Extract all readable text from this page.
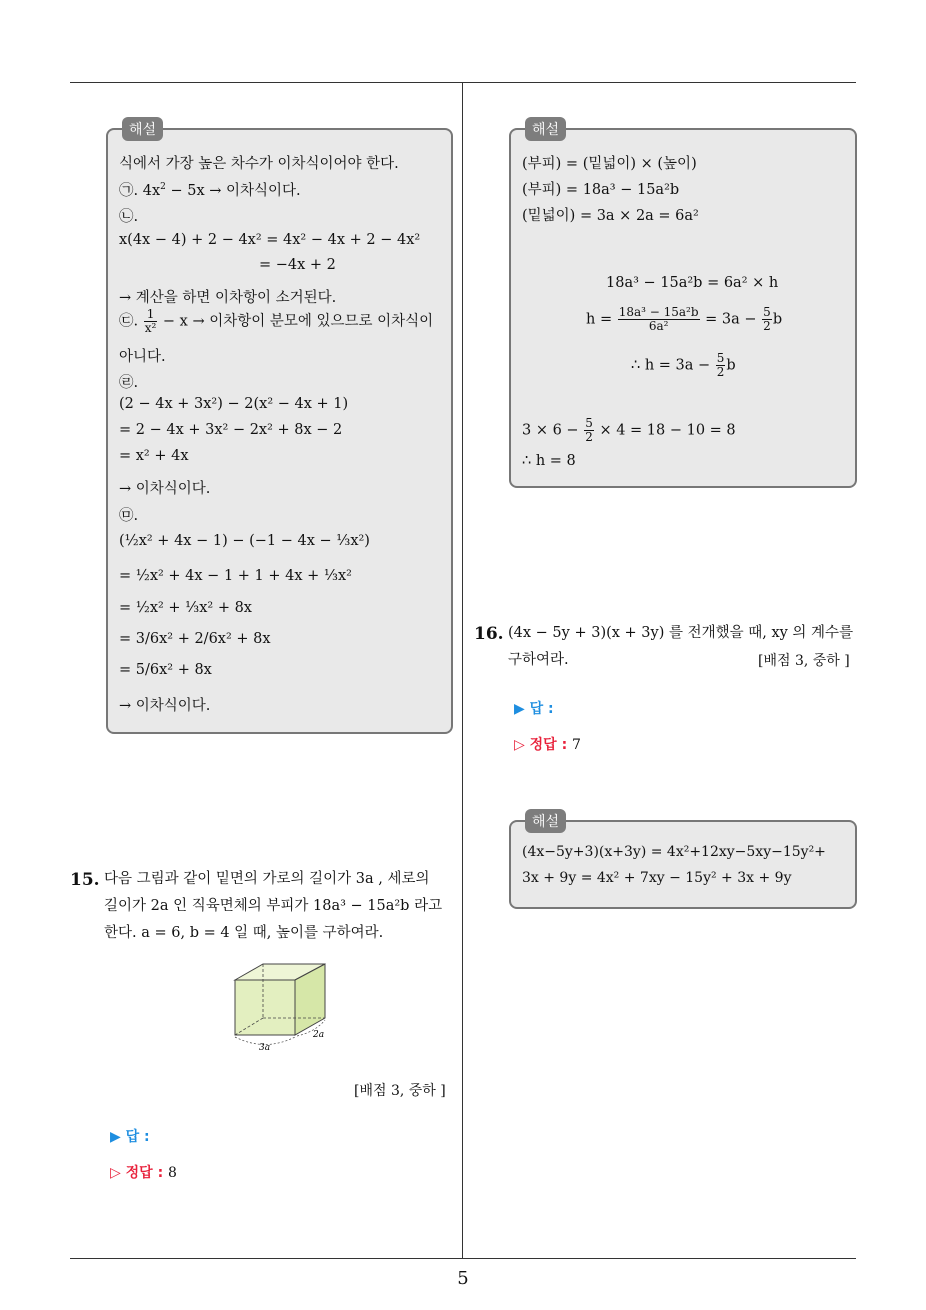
해설
식에서 가장 높은 차수가 이차식이어야 한다.
㉠. $4x^2 - 5x$ → 이차식이다.
㉡.
x(4x − 4) + 2 − 4x² = 4x² − 4x + 2 − 4x²
= −4x + 2
→ 계산을 하면 이차항이 소거된다.
㉢. $\frac{1}{\text{x²}} - x$ → 이차항이 분모에 있으므로 이차식이
아니다.
㉣.
(2 − 4x + 3x²) − 2(x² − 4x + 1)
= 2 − 4x + 3x² − 2x² + 8x − 2
= x² + 4x
→ 이차식이다.
㉤.
(½x² + 4x − 1) − (−1 − 4x − ⅓x²)
= ½x² + 4x − 1 + 1 + 4x + ⅓x²
= ½x² + ⅓x² + 8x
= 3/6x² + 2/6x² + 8x
= 5/6x² + 8x
→ 이차식이다.
15. 다음 그림과 같이 밑면의 가로의 길이가 3a , 세로의
길이가 2a 인 직육면체의 부피가 18a³ − 15a²b 라고
한다. a = 6, b = 4 일 때, 높이를 구하여라.
3a
2a
[배점 3, 중하 ]
▶ 답 :
▷ 정답 : 8
해설
(부피) = (밑넓이) × (높이)
(부피) = 18a³ − 15a²b
(밑넓이) = 3a × 2a = 6a²
18a³ − 15a²b = 6a² × h
$h = \frac{\text{18a³ − 15a²b}}{\text{6a²}} = 3a - \frac{5}{2}$ b
∴ $h = 3a - \frac{5}{2}$ b
$3 \times 6 - \frac{5}{2} \times 4 = 18 - 10 = 8$
∴ h = 8
16. (4x − 5y + 3)(x + 3y) 를 전개했을 때, xy 의 계수를
구하여라.	[배점 3, 중하 ]
▶ 답 :
▷ 정답 : 7
해설
(4x−5y+3)(x+3y) = 4x²+12xy−5xy−15y²+
3x + 9y = 4x² + 7xy − 15y² + 3x + 9y
5
